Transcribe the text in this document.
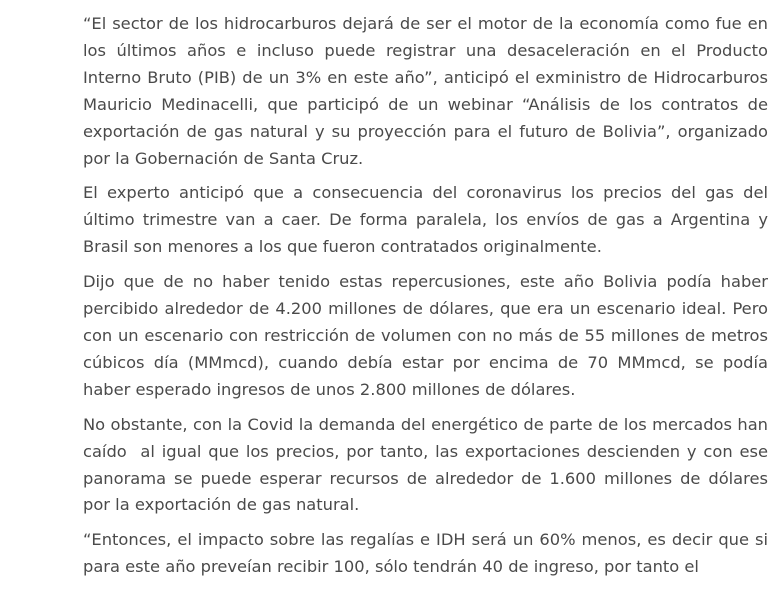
“El sector de los hidrocarburos dejará de ser el motor de la economía como fue en los últimos años e incluso puede registrar una desaceleración en el Producto Interno Bruto (PIB) de un 3% en este año”, anticipó el exministro de Hidrocarburos Mauricio Medinacelli, que participó de un webinar “Análisis de los contratos de exportación de gas natural y su proyección para el futuro de Bolivia”, organizado por la Gobernación de Santa Cruz.

El experto anticipó que a consecuencia del coronavirus los precios del gas del último trimestre van a caer. De forma paralela, los envíos de gas a Argentina y Brasil son menores a los que fueron contratados originalmente.

Dijo que de no haber tenido estas repercusiones, este año Bolivia podía haber percibido alrededor de 4.200 millones de dólares, que era un escenario ideal. Pero con un escenario con restricción de volumen con no más de 55 millones de metros cúbicos día (MMmcd), cuando debía estar por encima de 70 MMmcd, se podía haber esperado ingresos de unos 2.800 millones de dólares.

No obstante, con la Covid la demanda del energético de parte de los mercados han caído  al igual que los precios, por tanto, las exportaciones descienden y con ese panorama se puede esperar recursos de alrededor de 1.600 millones de dólares por la exportación de gas natural.

“Entonces, el impacto sobre las regalías e IDH será un 60% menos, es decir que si para este año preveían recibir 100, sólo tendrán 40 de ingreso, por tanto el
